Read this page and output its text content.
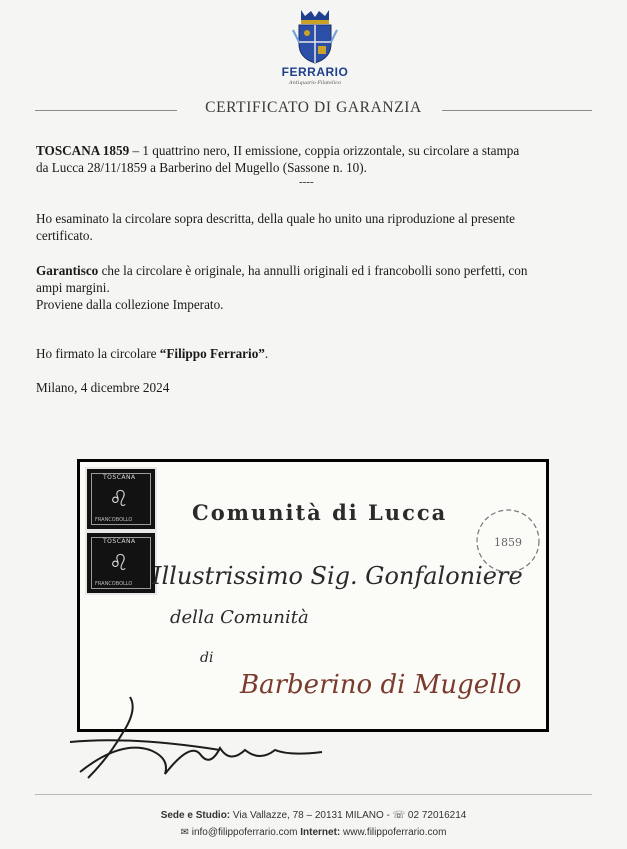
FERRARIO
Antiquario Filatelico
CERTIFICATO DI GARANZIA
TOSCANA 1859 – 1 quattrino nero, II emissione, coppia orizzontale, su circolare a stampa
da Lucca 28/11/1859 a Barberino del Mugello (Sassone n. 10).
----
Ho esaminato la circolare sopra descritta, della quale ho unito una riproduzione al presente
certificato.
Garantisco che la circolare è originale, ha annulli originali ed i francobolli sono perfetti, con
ampi margini.
Proviene dalla collezione Imperato.
Ho firmato la circolare “Filippo Ferrario”.
Milano, 4 dicembre 2024
TOSCANA
♌
FRANCOBOLLO
TOSCANA
♌
FRANCOBOLLO
Comunità di Lucca
1859
Illustrissimo Sig. Gonfaloniere
della Comunità
di
Barberino di Mugello
Sede e Studio: Via Vallazze, 78 – 20131 MILANO - ☏ 02 72016214
✉ info@filippoferrario.com Internet: www.filippoferrario.com
